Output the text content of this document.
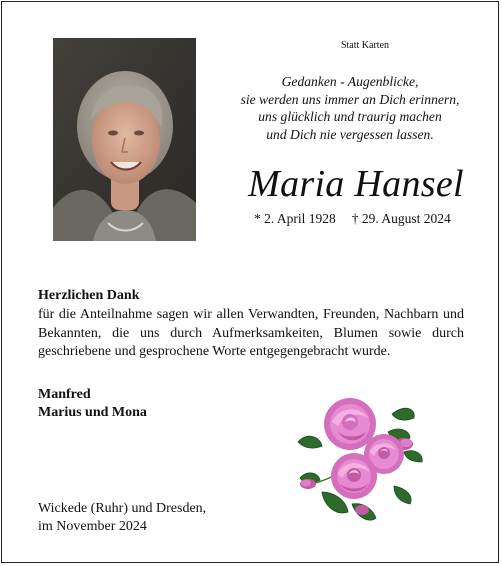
Statt Karten
Gedanken - Augenblicke,
sie werden uns immer an Dich erinnern,
uns glücklich und traurig machen
und Dich nie vergessen lassen.
Maria Hansel
* 2. April 1928 † 29. August 2024
Herzlichen Dank
für die Anteilnahme sagen wir allen Verwandten, Freunden, Nachbarn und Bekannten, die uns durch Aufmerksamkeiten, Blumen sowie durch geschriebene und gesprochene Worte entgegengebracht wurde.
Manfred
Marius und Mona
Wickede (Ruhr) und Dresden,
im November 2024
